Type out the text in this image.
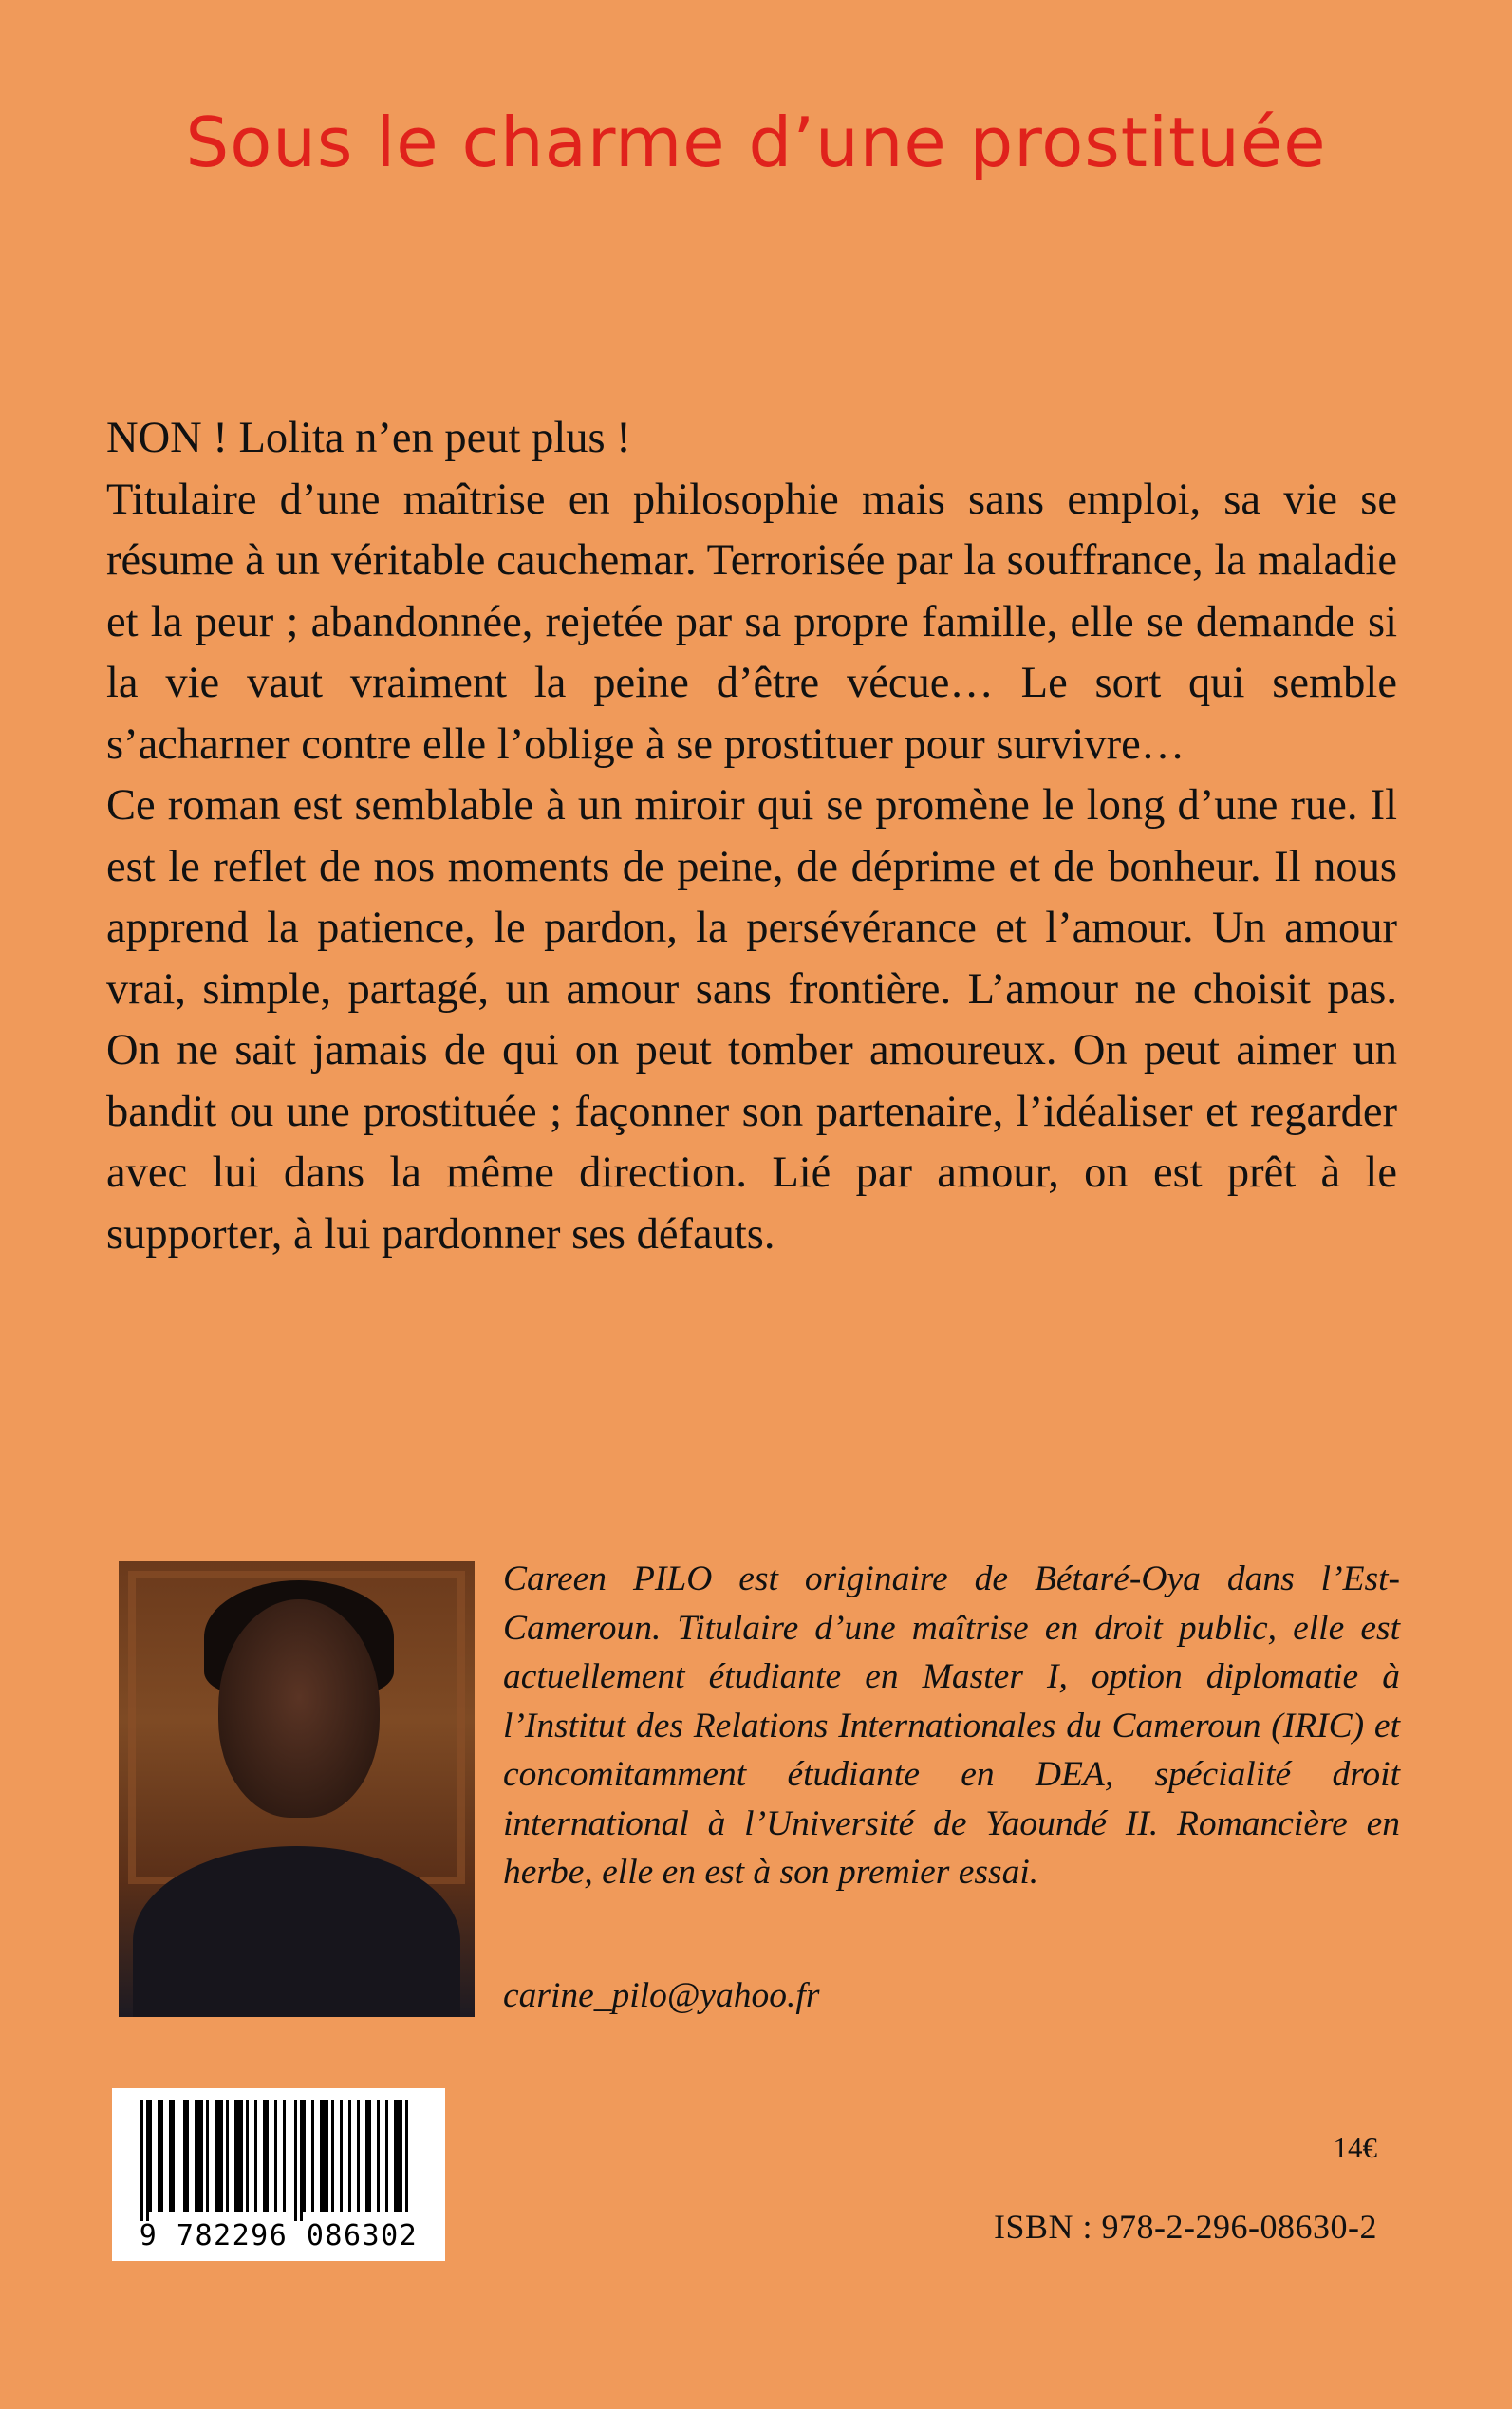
Sous le charme d’une prostituée

NON ! Lolita n’en peut plus !

Titulaire d’une maîtrise en philosophie mais sans emploi, sa vie se résume à un véritable cauchemar. Terrorisée par la souffrance, la maladie et la peur ; abandonnée, rejetée par sa propre famille, elle se demande si la vie vaut vraiment la peine d’être vécue… Le sort qui semble s’acharner contre elle l’oblige à se prostituer pour survivre…

Ce roman est semblable à un miroir qui se promène le long d’une rue. Il est le reflet de nos moments de peine, de déprime et de bonheur. Il nous apprend la patience, le pardon, la persévérance et l’amour. Un amour vrai, simple, partagé, un amour sans frontière. L’amour ne choisit pas. On ne sait jamais de qui on peut tomber amoureux. On peut aimer un bandit ou une prostituée ; façonner son partenaire, l’idéaliser et regarder avec lui dans la même direction. Lié par amour, on est prêt à le supporter, à lui pardonner ses défauts.

Careen PILO est originaire de Bétaré-Oya dans l’Est-Cameroun. Titulaire d’une maîtrise en droit public, elle est actuellement étudiante en Master I, option diplomatie à l’Institut des Relations Internationales du Cameroun (IRIC) et concomitamment étudiante en DEA, spécialité droit international à l’Université de Yaoundé II. Romancière en herbe, elle en est à son premier essai.

carine_pilo@yahoo.fr
9 782296 086302
14€
ISBN : 978-2-296-08630-2
